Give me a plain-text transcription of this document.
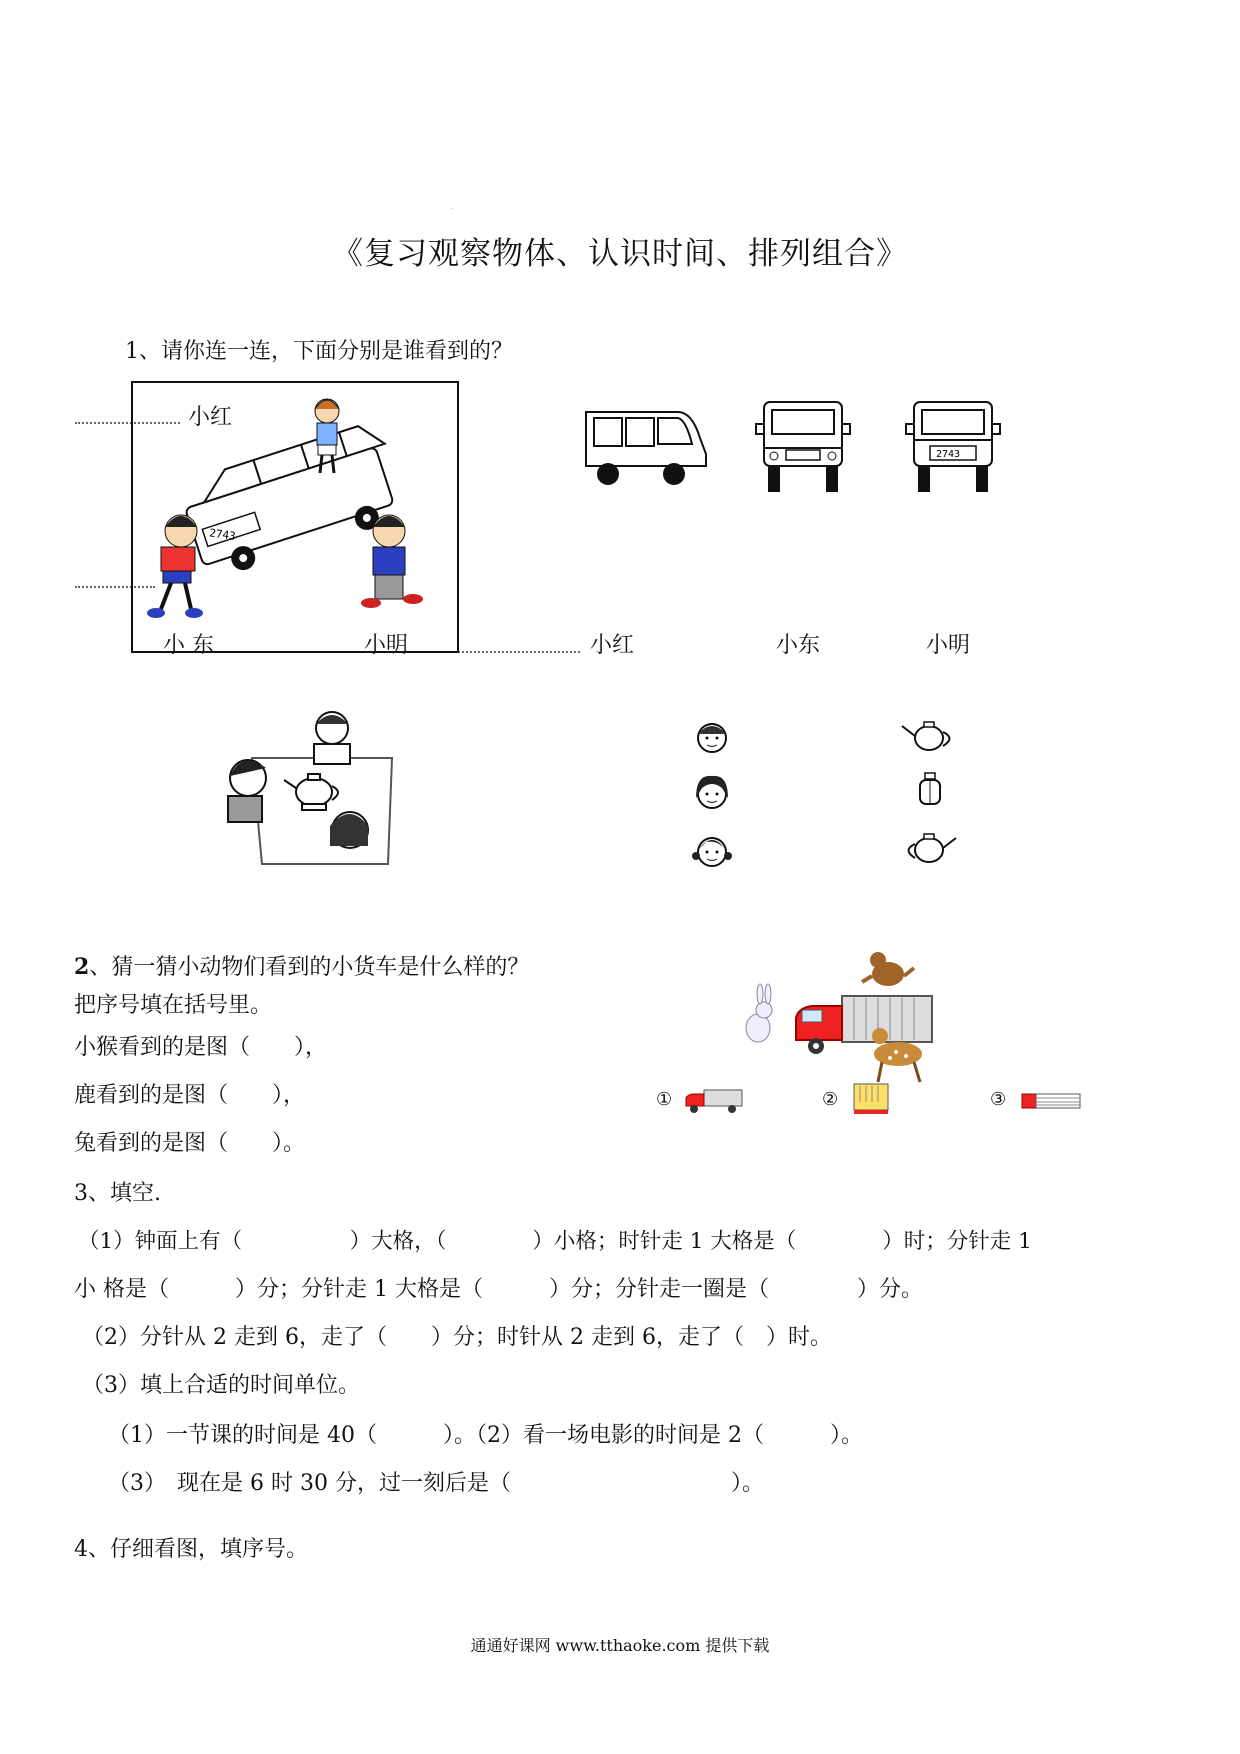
ˏ
《复习观察物体、认识时间、排列组合》
1、请你连一连，下面分别是谁看到的？
2743
小红
小 东	小明
2743
小红	小东	小明
2、猜一猜小动物们看到的小货车是什么样的？
把序号填在括号里。
小猴看到的是图（　　），
鹿看到的是图（　　），
兔看到的是图（　　）。
①	②	③
3、填空.
（1）钟面上有（　　　　　）大格，（　　　　）小格；时针走 1 大格是（　　　　）时；分针走 1
小 格是（　　　）分；分针走 1 大格是（　　　）分；分针走一圈是（　　　　）分。
（2）分针从 2 走到 6，走了（　　）分；时针从 2 走到 6，走了（　）时。
（3）填上合适的时间单位。
（1）一节课的时间是 40（　　　）。（2）看一场电影的时间是 2（　　　）。
（3）　现在是 6 时 30 分，过一刻后是（　　　　　　　　　　）。
4、仔细看图，填序号。
通通好课网 www.tthaoke.com 提供下载
